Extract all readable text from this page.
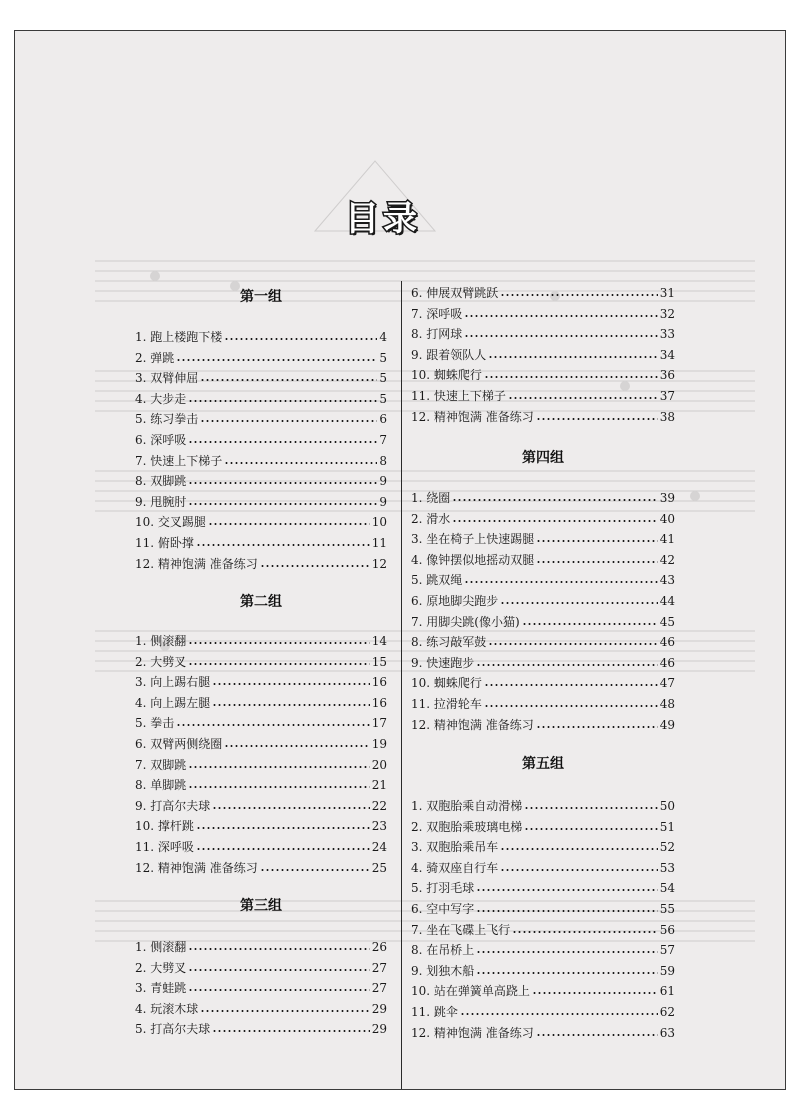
目录
第一组
1. 跑上楼跑下楼	4
2. 弹跳	5
3. 双臂伸屈	5
4. 大步走	5
5. 练习拳击	6
6. 深呼吸	7
7. 快速上下梯子	8
8. 双脚跳	9
9. 甩腕肘	9
10. 交叉踢腿	10
11. 俯卧撑	11
12. 精神饱满 准备练习	12
第二组
1. 侧滚翻	14
2. 大劈叉	15
3. 向上踢右腿	16
4. 向上踢左腿	16
5. 拳击	17
6. 双臂两侧绕圈	19
7. 双脚跳	20
8. 单脚跳	21
9. 打高尔夫球	22
10. 撑杆跳	23
11. 深呼吸	24
12. 精神饱满 准备练习	25
第三组
1. 侧滚翻	26
2. 大劈叉	27
3. 青蛙跳	27
4. 玩滚木球	29
5. 打高尔夫球	29
6. 伸展双臂跳跃	31
7. 深呼吸	32
8. 打网球	33
9. 跟着领队人	34
10. 蜘蛛爬行	36
11. 快速上下梯子	37
12. 精神饱满 准备练习	38
第四组
1. 绕圈	39
2. 滑水	40
3. 坐在椅子上快速踢腿	41
4. 像钟摆似地摇动双腿	42
5. 跳双绳	43
6. 原地脚尖跑步	44
7. 用脚尖跳(像小猫)	45
8. 练习敲军鼓	46
9. 快速跑步	46
10. 蜘蛛爬行	47
11. 拉滑轮车	48
12. 精神饱满 准备练习	49
第五组
1. 双胞胎乘自动滑梯	50
2. 双胞胎乘玻璃电梯	51
3. 双胞胎乘吊车	52
4. 骑双座自行车	53
5. 打羽毛球	54
6. 空中写字	55
7. 坐在飞碟上飞行	56
8. 在吊桥上	57
9. 划独木船	59
10. 站在弹簧单高跷上	61
11. 跳伞	62
12. 精神饱满 准备练习	63
